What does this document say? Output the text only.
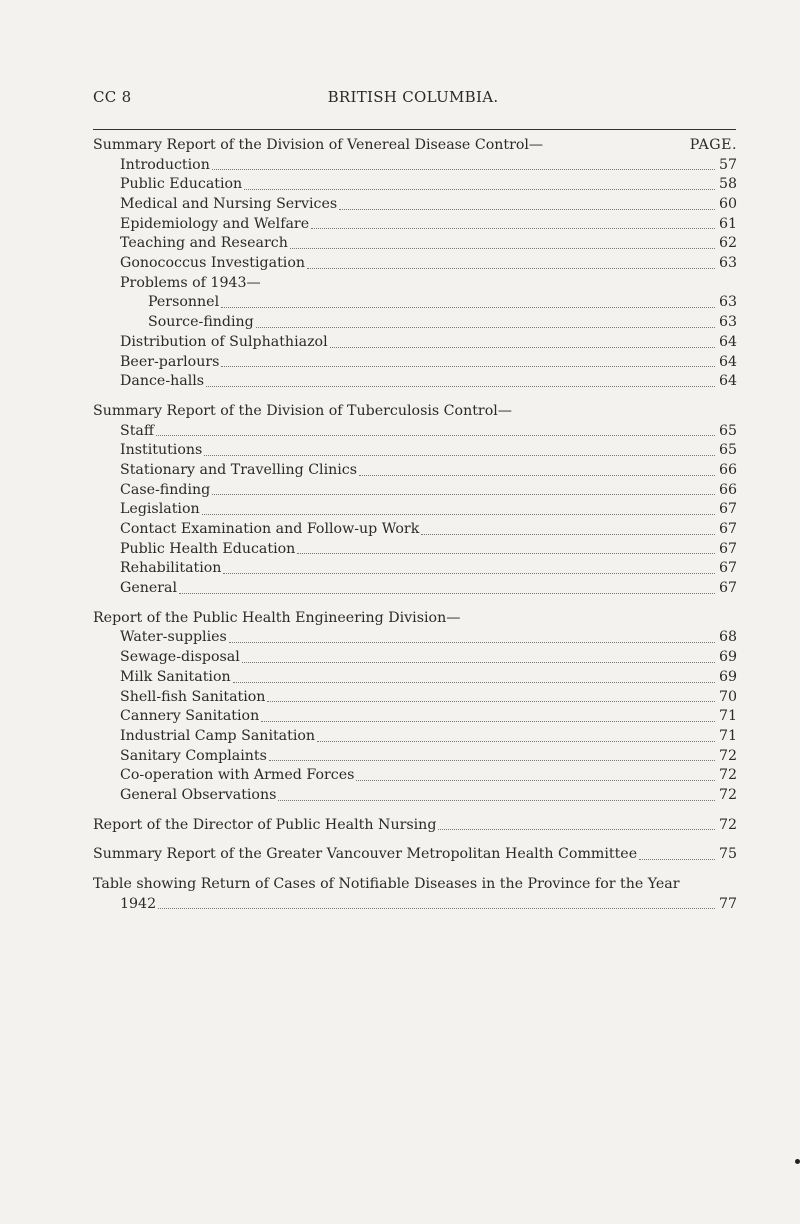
CC 8	BRITISH COLUMBIA.
Summary Report of the Division of Venereal Disease Control—	PAGE.
Introduction	57
Public Education	58
Medical and Nursing Services	60
Epidemiology and Welfare	61
Teaching and Research	62
Gonococcus Investigation	63
Problems of 1943—
Personnel	63
Source-finding	63
Distribution of Sulphathiazol	64
Beer-parlours	64
Dance-halls	64
Summary Report of the Division of Tuberculosis Control—
Staff	65
Institutions	65
Stationary and Travelling Clinics	66
Case-finding	66
Legislation	67
Contact Examination and Follow-up Work	67
Public Health Education	67
Rehabilitation	67
General	67
Report of the Public Health Engineering Division—
Water-supplies	68
Sewage-disposal	69
Milk Sanitation	69
Shell-fish Sanitation	70
Cannery Sanitation	71
Industrial Camp Sanitation	71
Sanitary Complaints	72
Co-operation with Armed Forces	72
General Observations	72
Report of the Director of Public Health Nursing	72
Summary Report of the Greater Vancouver Metropolitan Health Committee	75
Table showing Return of Cases of Notifiable Diseases in the Province for the Year
1942	77
